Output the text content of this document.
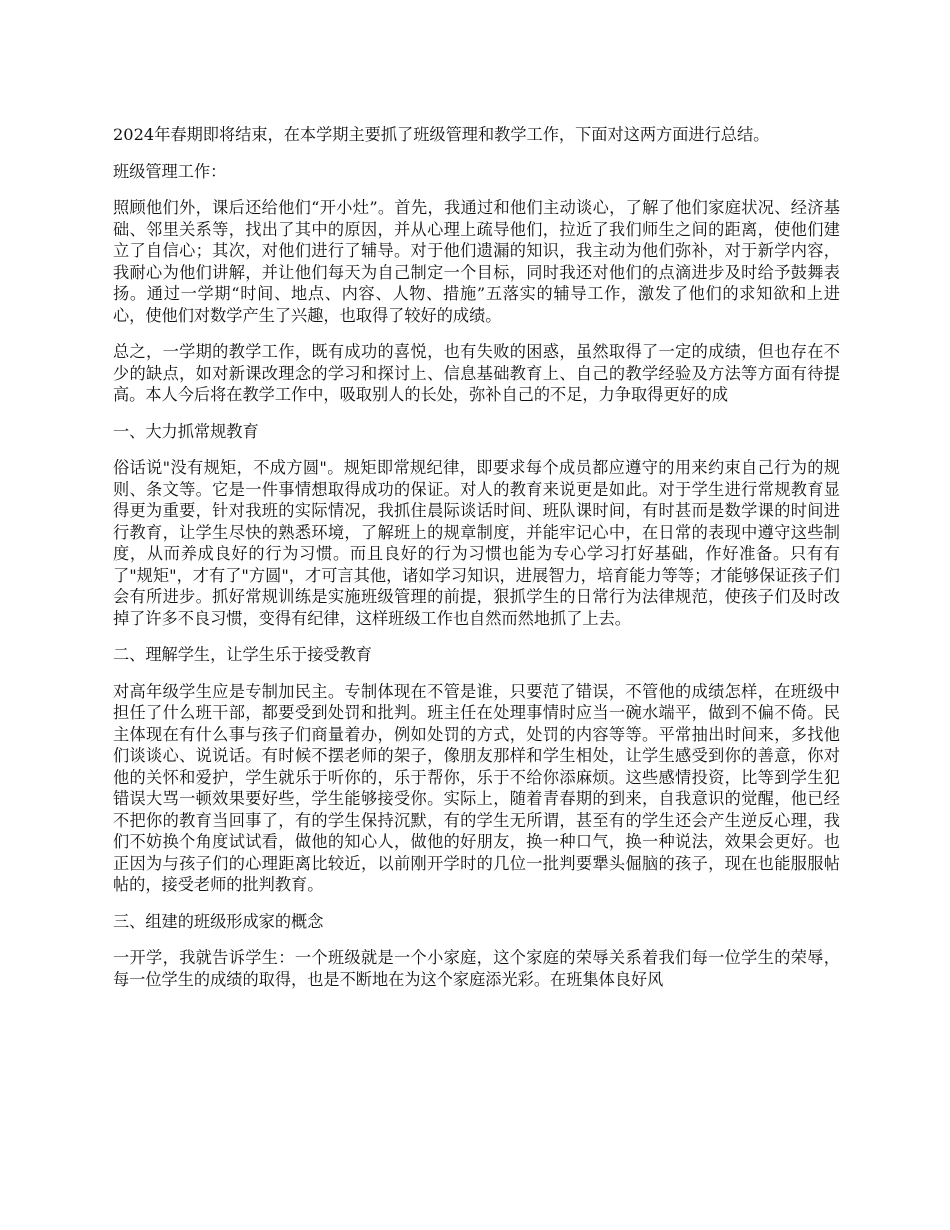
2024年春期即将结束，在本学期主要抓了班级管理和教学工作，下面对这两方面进行总结。

班级管理工作：

照顾他们外，课后还给他们“开小灶”。首先，我通过和他们主动谈心，了解了他们家庭状况、经济基础、邻里关系等，找出了其中的原因，并从心理上疏导他们，拉近了我们师生之间的距离，使他们建立了自信心；其次，对他们进行了辅导。对于他们遗漏的知识，我主动为他们弥补，对于新学内容，我耐心为他们讲解，并让他们每天为自己制定一个目标，同时我还对他们的点滴进步及时给予鼓舞表扬。通过一学期“时间、地点、内容、人物、措施”五落实的辅导工作，激发了他们的求知欲和上进心，使他们对数学产生了兴趣，也取得了较好的成绩。

总之，一学期的教学工作，既有成功的喜悦，也有失败的困惑，虽然取得了一定的成绩，但也存在不少的缺点，如对新课改理念的学习和探讨上、信息基础教育上、自己的教学经验及方法等方面有待提高。本人今后将在教学工作中，吸取别人的长处，弥补自己的不足，力争取得更好的成

一、大力抓常规教育

俗话说"没有规矩，不成方圆"。规矩即常规纪律，即要求每个成员都应遵守的用来约束自己行为的规则、条文等。它是一件事情想取得成功的保证。对人的教育来说更是如此。对于学生进行常规教育显得更为重要，针对我班的实际情况，我抓住晨际谈话时间、班队课时间，有时甚而是数学课的时间进行教育，让学生尽快的熟悉环境，了解班上的规章制度，并能牢记心中，在日常的表现中遵守这些制度，从而养成良好的行为习惯。而且良好的行为习惯也能为专心学习打好基础，作好准备。只有有了"规矩"，才有了"方圆"，才可言其他，诸如学习知识，进展智力，培育能力等等；才能够保证孩子们会有所进步。抓好常规训练是实施班级管理的前提，狠抓学生的日常行为法律规范，使孩子们及时改掉了许多不良习惯，变得有纪律，这样班级工作也自然而然地抓了上去。

二、理解学生，让学生乐于接受教育

对高年级学生应是专制加民主。专制体现在不管是谁，只要范了错误，不管他的成绩怎样，在班级中担任了什么班干部，都要受到处罚和批判。班主任在处理事情时应当一碗水端平，做到不偏不倚。民主体现在有什么事与孩子们商量着办，例如处罚的方式，处罚的内容等等。平常抽出时间来，多找他们谈谈心、说说话。有时候不摆老师的架子，像朋友那样和学生相处，让学生感受到你的善意，你对他的关怀和爱护，学生就乐于听你的，乐于帮你，乐于不给你添麻烦。这些感情投资，比等到学生犯错误大骂一顿效果要好些，学生能够接受你。实际上，随着青春期的到来，自我意识的觉醒，他已经不把你的教育当回事了，有的学生保持沉默，有的学生无所谓，甚至有的学生还会产生逆反心理，我们不妨换个角度试试看，做他的知心人，做他的好朋友，换一种口气，换一种说法，效果会更好。也正因为与孩子们的心理距离比较近，以前刚开学时的几位一批判要犟头倔脑的孩子，现在也能服服帖帖的，接受老师的批判教育。

三、组建的班级形成家的概念

一开学，我就告诉学生：一个班级就是一个小家庭，这个家庭的荣辱关系着我们每一位学生的荣辱，每一位学生的成绩的取得，也是不断地在为这个家庭添光彩。在班集体良好风
